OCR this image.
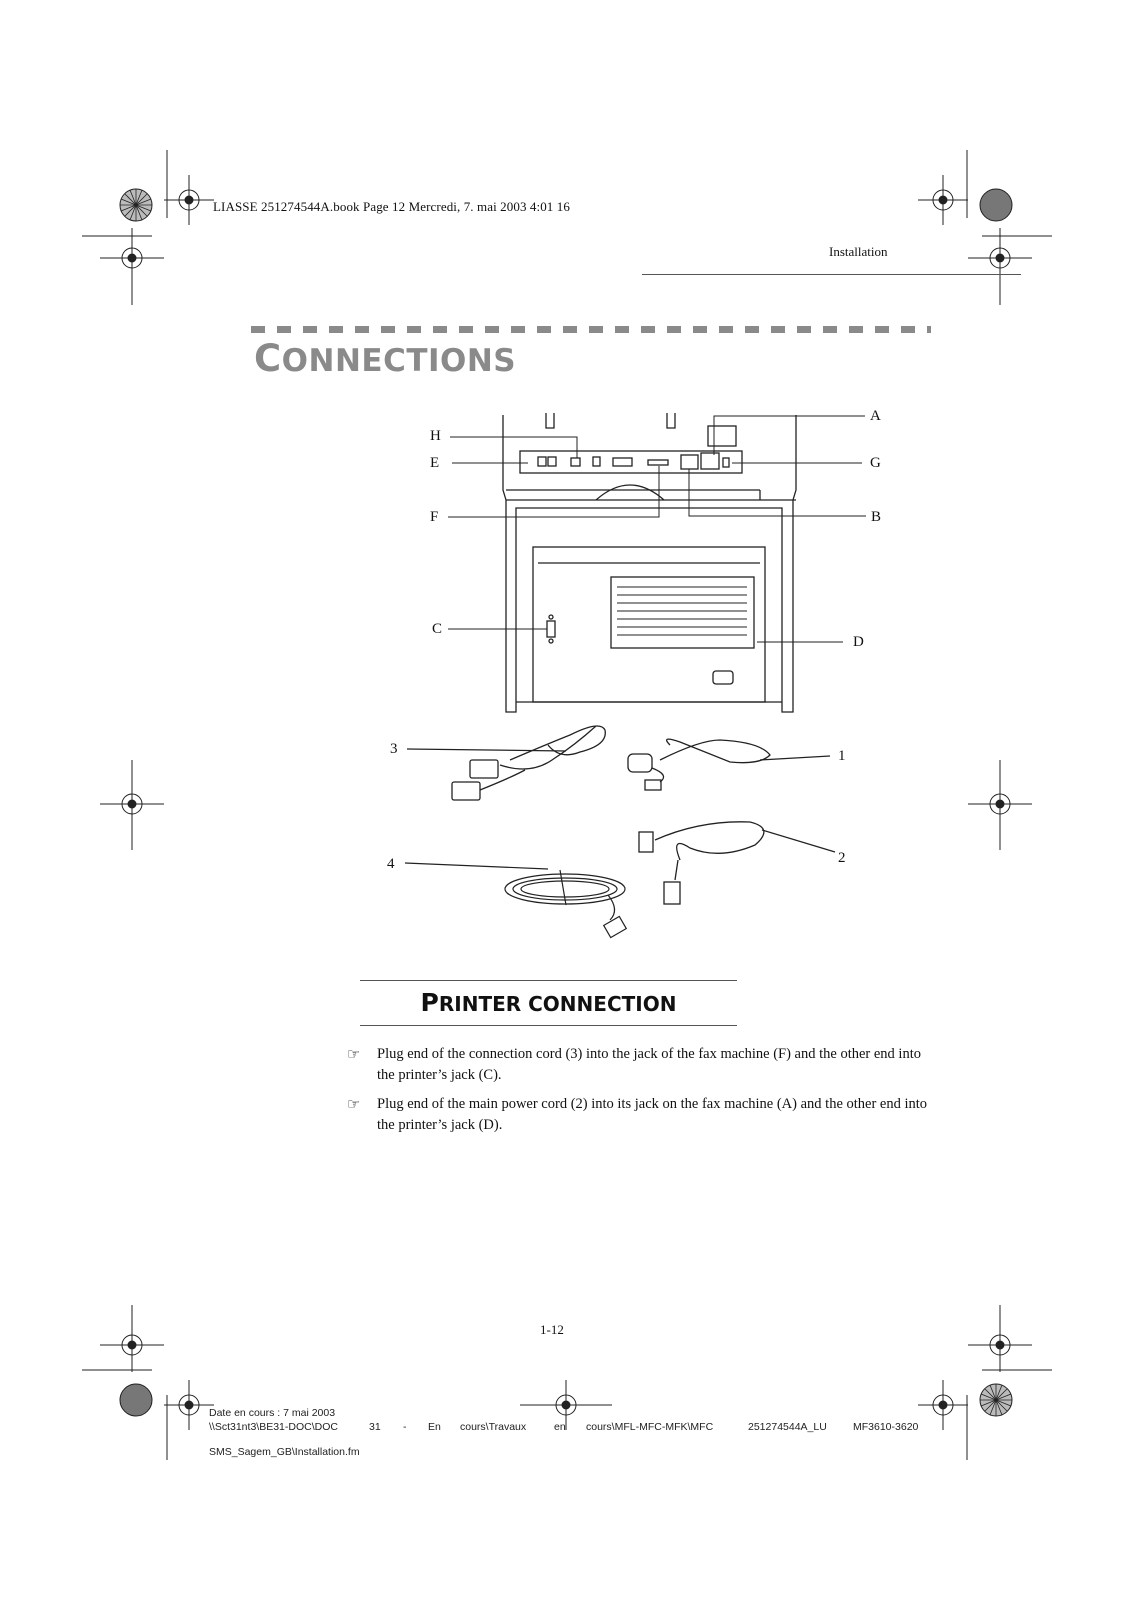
H
E
F
C
A
G
B
D
3	1
2
4
LIASSE 251274544A.book Page 12 Mercredi, 7. mai 2003 4:01 16
Installation
CONNECTIONS
PRINTER CONNECTION
☞ Plug end of the connection cord (3) into the jack of the fax machine (F) and the other end into the printer’s jack (C).
☞ Plug end of the main power cord (2) into its jack on the fax machine (A) and the other end into the printer’s jack (D).
1-12
Date en cours : 7 mai 2003
\\Sct31nt3\BE31-DOC\DOC	31 - En cours\Travaux	en cours\MFL-MFC-MFK\MFC	251274544A_LU MF3610-3620
SMS_Sagem_GB\Installation.fm
